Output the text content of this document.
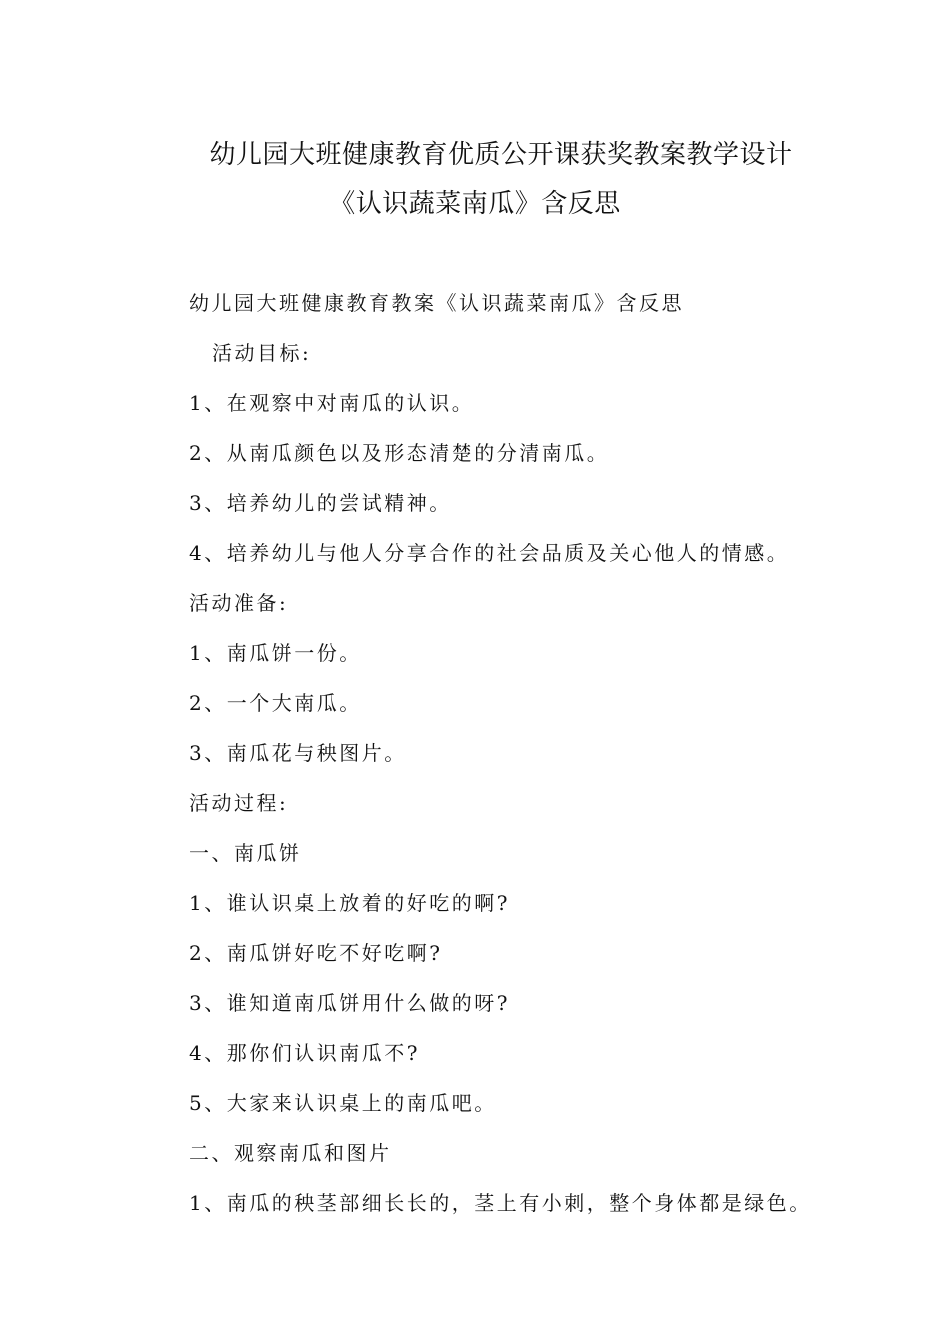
幼儿园大班健康教育优质公开课获奖教案教学设计
《认识蔬菜南瓜》含反思
幼儿园大班健康教育教案《认识蔬菜南瓜》含反思
活动目标:
1、在观察中对南瓜的认识。
2、从南瓜颜色以及形态清楚的分清南瓜。
3、培养幼儿的尝试精神。
4、培养幼儿与他人分享合作的社会品质及关心他人的情感。
活动准备:
1、南瓜饼一份。
2、一个大南瓜。
3、南瓜花与秧图片。
活动过程:
一、南瓜饼
1、谁认识桌上放着的好吃的啊?
2、南瓜饼好吃不好吃啊?
3、谁知道南瓜饼用什么做的呀?
4、那你们认识南瓜不?
5、大家来认识桌上的南瓜吧。
二、观察南瓜和图片
1、南瓜的秧茎部细长长的，茎上有小刺，整个身体都是绿色。
